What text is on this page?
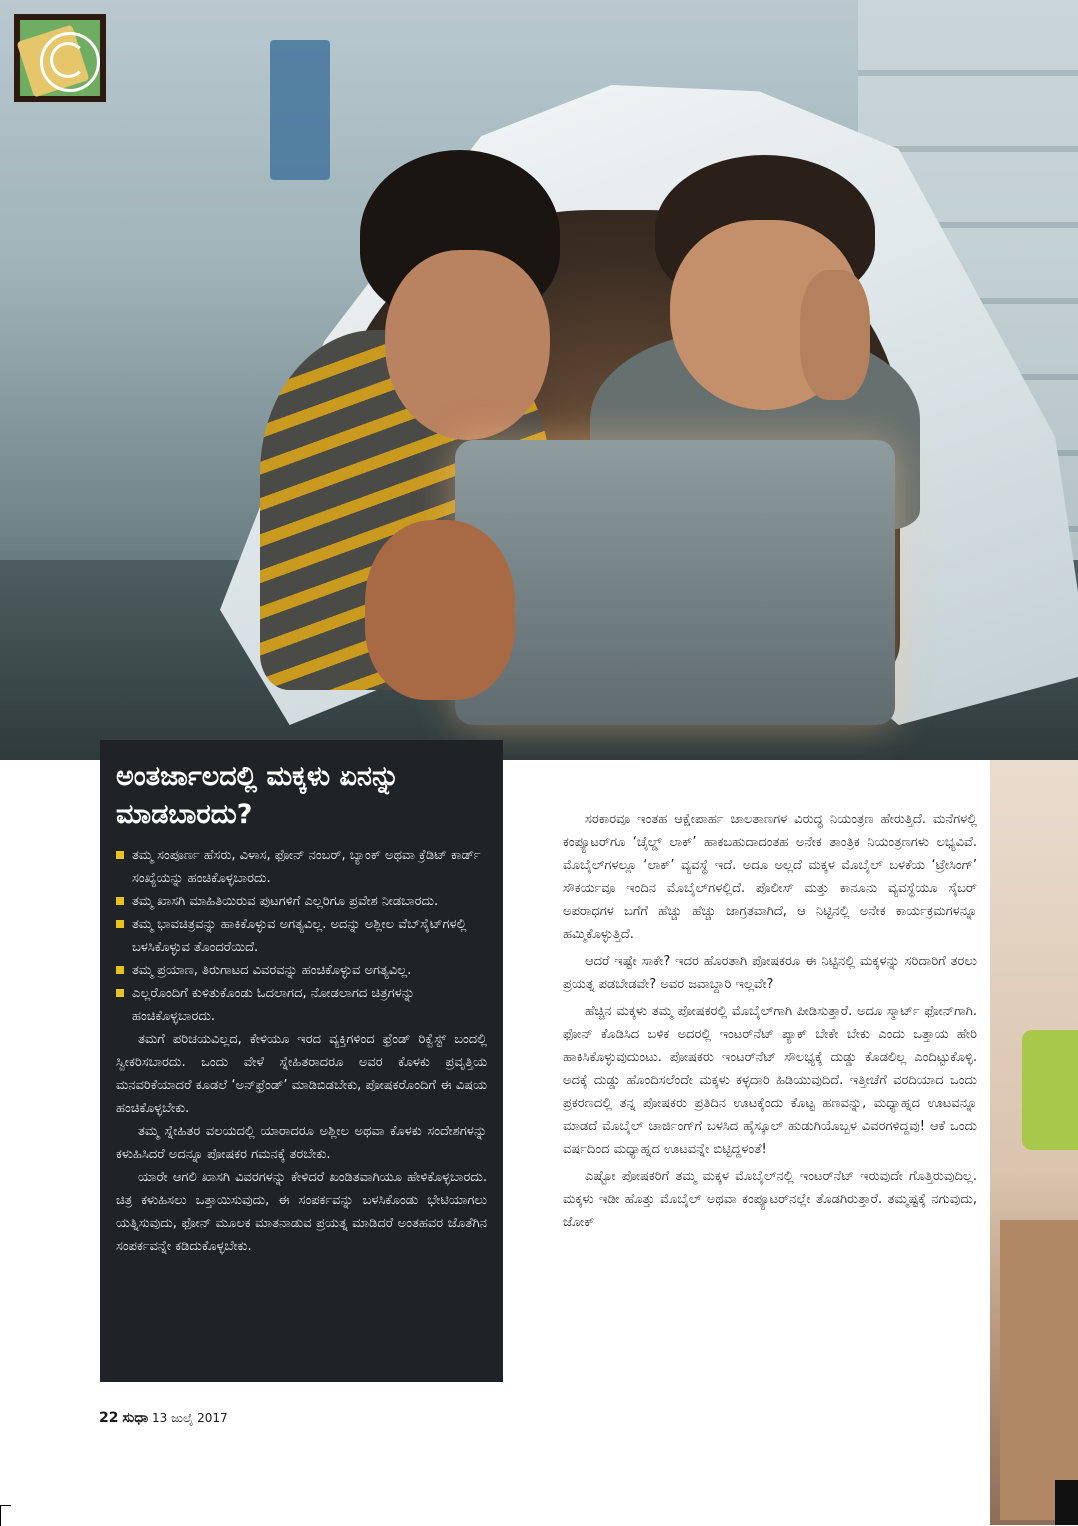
ಅಂತರ್ಜಾಲದಲ್ಲಿ ಮಕ್ಕಳು ಏನನ್ನು ಮಾಡಬಾರದು?
ತಮ್ಮ ಸಂಪೂರ್ಣ ಹೆಸರು, ವಿಳಾಸ, ಫೋನ್ ನಂಬರ್, ಬ್ಯಾಂಕ್ ಅಥವಾ ಕ್ರೆಡಿಟ್ ಕಾರ್ಡ್ ಸಂಖ್ಯೆಯನ್ನು ಹಂಚಿಕೊಳ್ಳಬಾರದು.
ತಮ್ಮ ಖಾಸಗಿ ಮಾಹಿತಿಯಿರುವ ಪುಟಗಳಿಗೆ ಎಲ್ಲರಿಗೂ ಪ್ರವೇಶ ನೀಡಬಾರದು.
ತಮ್ಮ ಭಾವಚಿತ್ರವನ್ನು ಹಾಕಿಕೊಳ್ಳುವ ಅಗತ್ಯವಿಲ್ಲ. ಅದನ್ನು ಅಶ್ಲೀಲ ವೆಬ್‌ಸೈಟ್‌ಗಳಲ್ಲಿ ಬಳಸಿಕೊಳ್ಳುವ ತೊಂದರೆಯಿದೆ.
ತಮ್ಮ ಪ್ರಯಾಣ, ತಿರುಗಾಟದ ವಿವರವನ್ನು ಹಂಚಿಕೊಳ್ಳುವ ಅಗತ್ಯವಿಲ್ಲ.
ಎಲ್ಲರೊಂದಿಗೆ ಕುಳಿತುಕೊಂಡು ಓದಲಾಗದ, ನೋಡಲಾಗದ ಚಿತ್ರಗಳನ್ನು ಹಂಚಿಕೊಳ್ಳಬಾರದು.

ತಮಗೆ ಪರಿಚಯವಿಲ್ಲದ, ಕೇಳಿಯೂ ಇರದ ವ್ಯಕ್ತಿಗಳಿಂದ ಫ್ರೆಂಡ್ ರಿಕ್ವೆಸ್ಟ್ ಬಂದಲ್ಲಿ ಸ್ವೀಕರಿಸಬಾರದು. ಒಂದು ವೇಳೆ ಸ್ನೇಹಿತರಾದರೂ ಅವರ ಕೊಳಕು ಪ್ರವೃತ್ತಿಯ ಮನವರಿಕೆಯಾದರೆ ಕೂಡಲೆ ‘ಅನ್‌ಫ್ರೆಂಡ್’ ಮಾಡಿಬಿಡಬೇಕು, ಪೋಷಕರೊಂದಿಗೆ ಈ ವಿಷಯ ಹಂಚಿಕೊಳ್ಳಬೇಕು.

ತಮ್ಮ ಸ್ನೇಹಿತರ ವಲಯದಲ್ಲಿ ಯಾರಾದರೂ ಅಶ್ಲೀಲ ಅಥವಾ ಕೊಳಕು ಸಂದೇಶಗಳನ್ನು ಕಳುಹಿಸಿದರೆ ಅದನ್ನೂ ಪೋಷಕರ ಗಮನಕ್ಕೆ ತರಬೇಕು.

ಯಾರೇ ಆಗಲಿ ಖಾಸಗಿ ವಿವರಗಳನ್ನು ಕೇಳಿದರೆ ಖಂಡಿತವಾಗಿಯೂ ಹೇಳಿಕೊಳ್ಳಬಾರದು. ಚಿತ್ರ ಕಳುಹಿಸಲು ಒತ್ತಾಯಿಸುವುದು, ಈ ಸಂಪರ್ಕವನ್ನು ಬಳಸಿಕೊಂಡು ಭೇಟಿಯಾಗಲು ಯತ್ನಿಸುವುದು, ಫೋನ್ ಮೂಲಕ ಮಾತನಾಡುವ ಪ್ರಯತ್ನ ಮಾಡಿದರೆ ಅಂತಹವರ ಜೊತೆಗಿನ ಸಂಪರ್ಕವನ್ನೇ ಕಡಿದುಕೊಳ್ಳಬೇಕು.

ಸರಕಾರವೂ ಇಂತಹ ಆಕ್ಷೇಪಾರ್ಹ ಜಾಲತಾಣಗಳ ವಿರುದ್ಧ ನಿಯಂತ್ರಣ ಹೇರುತ್ತಿದೆ. ಮನೆಗಳಲ್ಲಿ ಕಂಪ್ಯೂಟರ್‌ಗೂ ‘ಚೈಲ್ಡ್ ಲಾಕ್’ ಹಾಕಬಹುದಾದಂತಹ ಅನೇಕ ತಾಂತ್ರಿಕ ನಿಯಂತ್ರಣಗಳು ಲಭ್ಯವಿವೆ. ಮೊಬೈಲ್‌ಗಳಲ್ಲೂ ‘ಲಾಕ್’ ವ್ಯವಸ್ಥೆ ಇದೆ. ಅದೂ ಅಲ್ಲದೆ ಮಕ್ಕಳ ಮೊಬೈಲ್ ಬಳಕೆಯ ‘ಟ್ರೇಸಿಂಗ್’ ಸೌಕರ್ಯವೂ ಇಂದಿನ ಮೊಬೈಲ್‌ಗಳಲ್ಲಿದೆ. ಪೊಲೀಸ್ ಮತ್ತು ಕಾನೂನು ವ್ಯವಸ್ಥೆಯೂ ಸೈಬರ್ ಅಪರಾಧಗಳ ಬಗೆಗೆ ಹೆಚ್ಚು ಹೆಚ್ಚು ಜಾಗ್ರತವಾಗಿದೆ, ಆ ನಿಟ್ಟಿನಲ್ಲಿ ಅನೇಕ ಕಾರ್ಯಕ್ರಮಗಳನ್ನೂ ಹಮ್ಮಿಕೊಳ್ಳುತ್ತಿದೆ.

ಆದರೆ ಇಷ್ಟೇ ಸಾಕೇ? ಇದರ ಹೊರತಾಗಿ ಪೋಷಕರೂ ಈ ನಿಟ್ಟಿನಲ್ಲಿ ಮಕ್ಕಳನ್ನು ಸರಿದಾರಿಗೆ ತರಲು ಪ್ರಯತ್ನ ಪಡಬೇಡವೇ? ಅವರ ಜವಾಬ್ದಾರಿ ಇಲ್ಲವೇ?

ಹೆಚ್ಚಿನ ಮಕ್ಕಳು ತಮ್ಮ ಪೋಷಕರಲ್ಲಿ ಮೊಬೈಲ್‌ಗಾಗಿ ಪೀಡಿಸುತ್ತಾರೆ. ಅದೂ ಸ್ಮಾರ್ಟ್ ಫೋನ್‌ಗಾಗಿ. ಫೋನ್ ಕೊಡಿಸಿದ ಬಳಿಕ ಅದರಲ್ಲಿ ಇಂಟರ್‌ನೆಟ್ ಪ್ಯಾಕ್ ಬೇಕೇ ಬೇಕು ಎಂದು ಒತ್ತಾಯ ಹೇರಿ ಹಾಕಿಸಿಕೊಳ್ಳುವುದುಂಟು. ಪೋಷಕರು ಇಂಟರ್‌ನೆಟ್ ಸೌಲಭ್ಯಕ್ಕೆ ದುಡ್ಡು ಕೊಡಲಿಲ್ಲ ಎಂದಿಟ್ಟುಕೊಳ್ಳಿ. ಅದಕ್ಕೆ ದುಡ್ಡು ಹೊಂದಿಸಲೆಂದೇ ಮಕ್ಕಳು ಕಳ್ಳದಾರಿ ಹಿಡಿಯುವುದಿದೆ. ಇತ್ತೀಚೆಗೆ ವರದಿಯಾದ ಒಂದು ಪ್ರಕರಣದಲ್ಲಿ ತನ್ನ ಪೋಷಕರು ಪ್ರತಿದಿನ ಊಟಕ್ಕೆಂದು ಕೊಟ್ಟ ಹಣವನ್ನು, ಮಧ್ಯಾಹ್ನದ ಊಟವನ್ನೂ ಮಾಡದೆ ಮೊಬೈಲ್ ಚಾರ್ಜಿಂಗ್‌ಗೆ ಬಳಸಿದ ಹೈಸ್ಕೂಲ್ ಹುಡುಗಿಯೊಬ್ಬಳ ವಿವರಗಳಿದ್ದವು! ಆಕೆ ಒಂದು ವರ್ಷದಿಂದ ಮಧ್ಯಾಹ್ನದ ಊಟವನ್ನೇ ಬಿಟ್ಟಿದ್ದಳಂತೆ!

ಎಷ್ಟೋ ಪೋಷಕರಿಗೆ ತಮ್ಮ ಮಕ್ಕಳ ಮೊಬೈಲ್‌ನಲ್ಲಿ ಇಂಟರ್‌ನೆಟ್ ಇರುವುದೇ ಗೊತ್ತಿರುವುದಿಲ್ಲ. ಮಕ್ಕಳು ಇಡೀ ಹೊತ್ತು ಮೊಬೈಲ್ ಅಥವಾ ಕಂಪ್ಯೂಟರ್‌ನಲ್ಲೇ ತೊಡಗಿರುತ್ತಾರೆ. ತಮ್ಮಷ್ಟಕ್ಕೆ ನಗುವುದು, ಜೋಕ್

22 ಸುಧಾ 13 ಜುಲೈ 2017
